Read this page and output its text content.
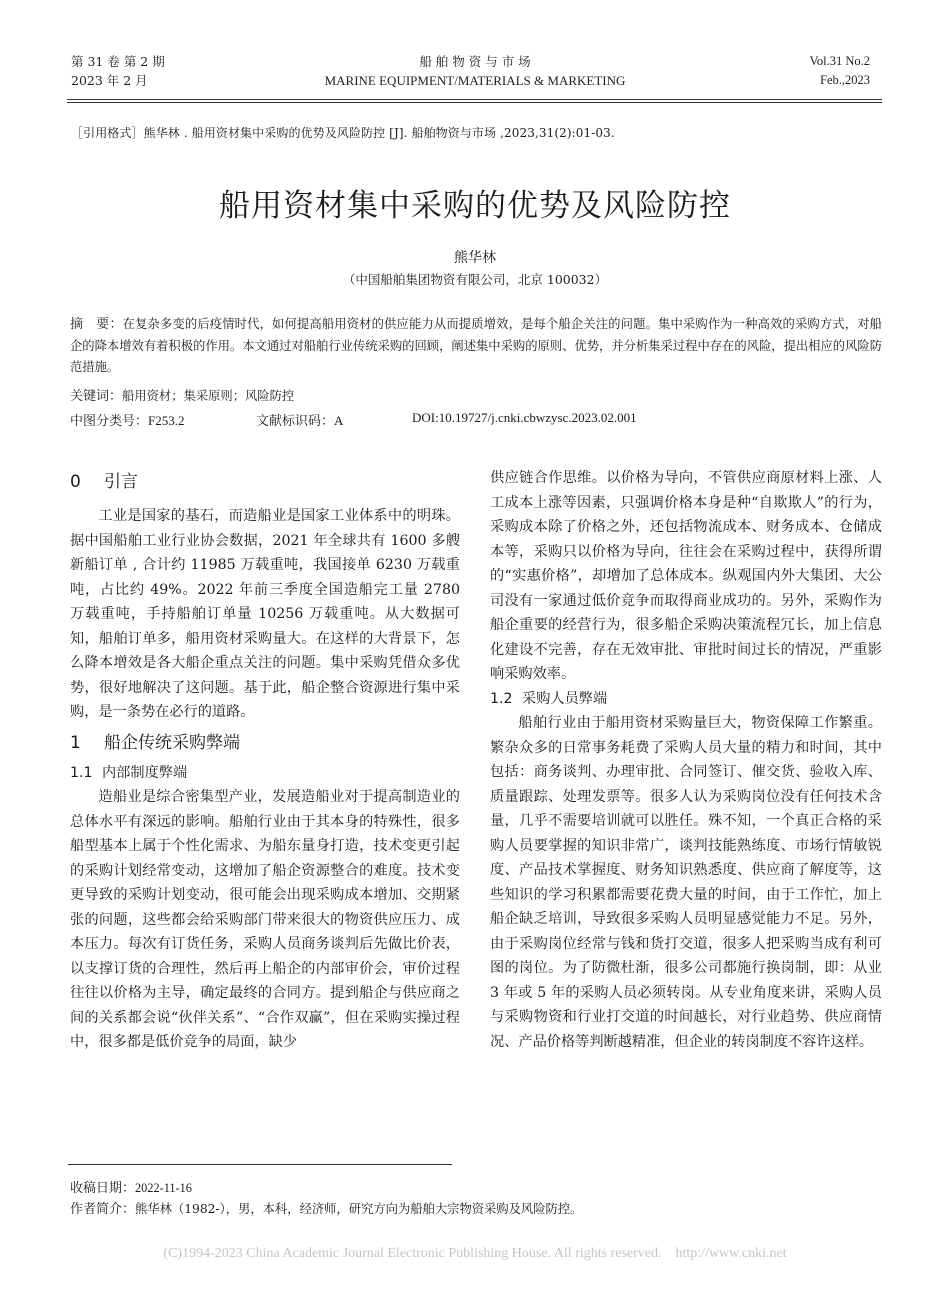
第 31 卷 第 2 期
2023 年 2 月
船 舶 物 资 与 市 场
MARINE EQUIPMENT/MATERIALS & MARKETING
Vol.31 No.2
Feb.,2023
［引用格式］熊华林 . 船用资材集中采购的优势及风险防控 [J]. 船舶物资与市场 ,2023,31(2):01-03.
船用资材集中采购的优势及风险防控
熊华林
（中国船舶集团物资有限公司，北京 100032）
摘　要：在复杂多变的后疫情时代，如何提高船用资材的供应能力从而提质增效，是每个船企关注的问题。集中采购作为一种高效的采购方式，对船企的降本增效有着积极的作用。本文通过对船舶行业传统采购的回顾，阐述集中采购的原则、优势，并分析集采过程中存在的风险，提出相应的风险防范措施。
关键词：船用资材；集采原则；风险防控
中图分类号：F253.2	文献标识码：A	DOI:10.19727/j.cnki.cbwzysc.2023.02.001
0 引言

工业是国家的基石，而造船业是国家工业体系中的明珠。据中国船舶工业行业协会数据，2021 年全球共有 1600 多艘新船订单 , 合计约 11985 万载重吨，我国接单 6230 万载重吨，占比约 49%。2022 年前三季度全国造船完工量 2780 万载重吨，手持船舶订单量 10256 万载重吨。从大数据可知，船舶订单多，船用资材采购量大。在这样的大背景下，怎么降本增效是各大船企重点关注的问题。集中采购凭借众多优势，很好地解决了这问题。基于此，船企整合资源进行集中采购，是一条势在必行的道路。

1 船企传统采购弊端
1.1 内部制度弊端

造船业是综合密集型产业，发展造船业对于提高制造业的总体水平有深远的影响。船舶行业由于其本身的特殊性，很多船型基本上属于个性化需求、为船东量身打造，技术变更引起的采购计划经常变动，这增加了船企资源整合的难度。技术变更导致的采购计划变动，很可能会出现采购成本增加、交期紧张的问题，这些都会给采购部门带来很大的物资供应压力、成本压力。每次有订货任务，采购人员商务谈判后先做比价表，以支撑订货的合理性，然后再上船企的内部审价会，审价过程往往以价格为主导，确定最终的合同方。提到船企与供应商之间的关系都会说“伙伴关系”、“合作双赢”，但在采购实操过程中，很多都是低价竞争的局面，缺少

供应链合作思维。以价格为导向，不管供应商原材料上涨、人工成本上涨等因素，只强调价格本身是种“自欺欺人”的行为，采购成本除了价格之外，还包括物流成本、财务成本、仓储成本等，采购只以价格为导向，往往会在采购过程中，获得所谓的“实惠价格”，却增加了总体成本。纵观国内外大集团、大公司没有一家通过低价竞争而取得商业成功的。另外，采购作为船企重要的经营行为，很多船企采购决策流程冗长，加上信息化建设不完善，存在无效审批、审批时间过长的情况，严重影响采购效率。

1.2 采购人员弊端

船舶行业由于船用资材采购量巨大，物资保障工作繁重。繁杂众多的日常事务耗费了采购人员大量的精力和时间，其中包括：商务谈判、办理审批、合同签订、催交货、验收入库、质量跟踪、处理发票等。很多人认为采购岗位没有任何技术含量，几乎不需要培训就可以胜任。殊不知，一个真正合格的采购人员要掌握的知识非常广，谈判技能熟练度、市场行情敏锐度、产品技术掌握度、财务知识熟悉度、供应商了解度等，这些知识的学习积累都需要花费大量的时间，由于工作忙，加上船企缺乏培训，导致很多采购人员明显感觉能力不足。另外，由于采购岗位经常与钱和货打交道，很多人把采购当成有利可图的岗位。为了防微杜渐，很多公司都施行换岗制，即：从业 3 年或 5 年的采购人员必须转岗。从专业角度来讲，采购人员与采购物资和行业打交道的时间越长，对行业趋势、供应商情况、产品价格等判断越精准，但企业的转岗制度不容许这样。

收稿日期：2022-11-16
作者简介：熊华林（1982-），男，本科，经济师，研究方向为船舶大宗物资采购及风险防控。
(C)1994-2023 China Academic Journal Electronic Publishing House. All rights reserved.　http://www.cnki.net
